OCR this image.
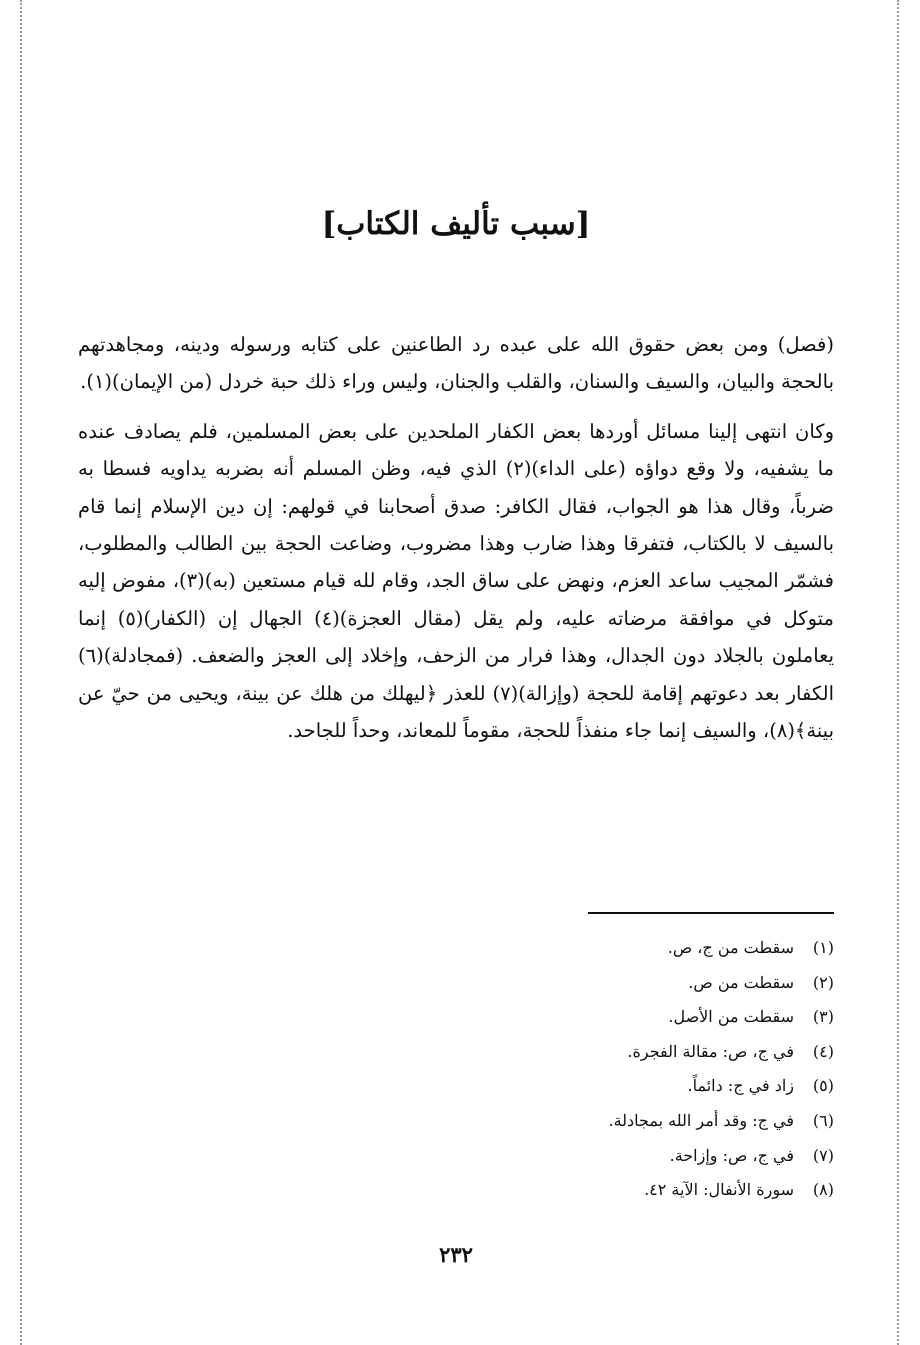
[سبب تأليف الكتاب]

(فصل) ومن بعض حقوق الله على عبده رد الطاعنين على كتابه ورسوله ودينه، ومجاهدتهم بالحجة والبيان، والسيف والسنان، والقلب والجنان، وليس وراء ذلك حبة خردل (من الإيمان)(١).

وكان انتهى إلينا مسائل أوردها بعض الكفار الملحدين على بعض المسلمين، فلم يصادف عنده ما يشفيه، ولا وقع دواؤه (على الداء)(٢) الذي فيه، وظن المسلم أنه بضربه يداويه فسطا به ضرباً، وقال هذا هو الجواب، فقال الكافر: صدق أصحابنا في قولهم: إن دين الإسلام إنما قام بالسيف لا بالكتاب، فتفرقا وهذا ضارب وهذا مضروب، وضاعت الحجة بين الطالب والمطلوب، فشمّر المجيب ساعد العزم، ونهض على ساق الجد، وقام لله قيام مستعين (به)(٣)، مفوض إليه متوكل في موافقة مرضاته عليه، ولم يقل (مقال العجزة)(٤) الجهال إن (الكفار)(٥) إنما يعاملون بالجلاد دون الجدال، وهذا فرار من الزحف، وإخلاد إلى العجز والضعف. (فمجادلة)(٦) الكفار بعد دعوتهم إقامة للحجة (وإزالة)(٧) للعذر ﴿ليهلك من هلك عن بينة، ويحيى من حيّ عن بينة﴾(٨)، والسيف إنما جاء منفذاً للحجة، مقوماً للمعاند، وحداً للجاحد.

(١)
سقطت من ج، ص.
(٢)
سقطت من ص.
(٣)
سقطت من الأصل.
(٤)
في ج، ص: مقالة الفجرة.
(٥)
زاد في ج: دائماً.
(٦)
في ج: وقد أمر الله بمجادلة.
(٧)
في ج، ص: وإزاحة.
(٨)
سورة الأنفال: الآية ٤٢.
٢٣٢
